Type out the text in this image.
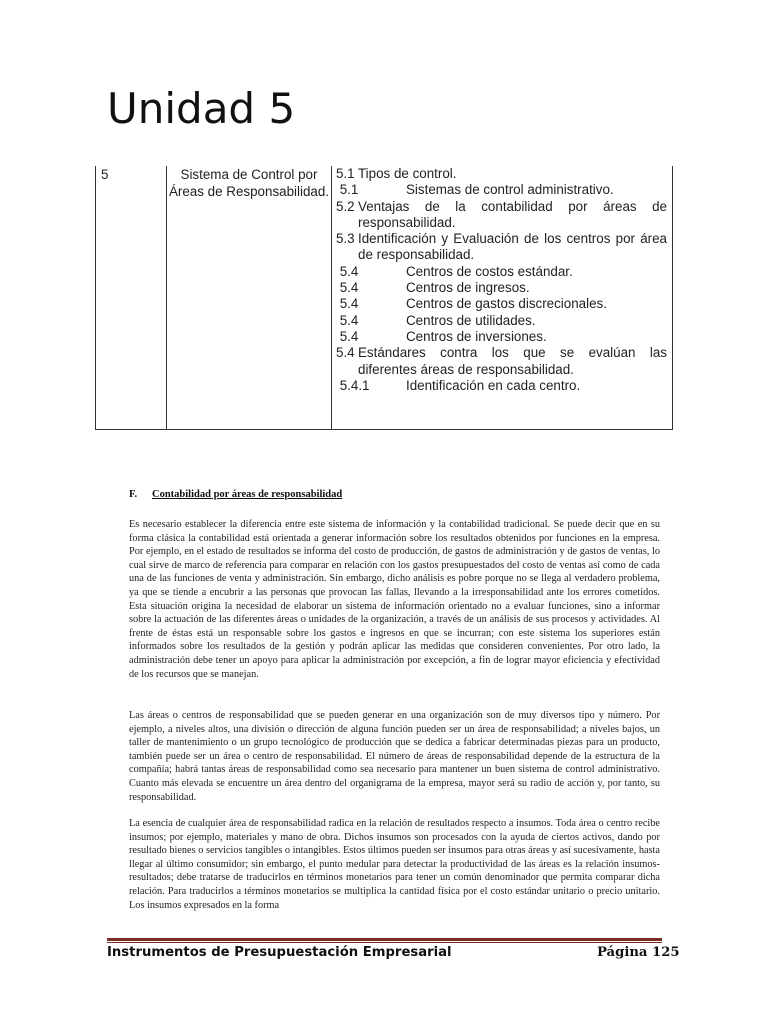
Unidad 5
5	Sistema de Control por Áreas de Responsabilidad.	
5.1 Tipos de control.
5.1	Sistemas de control administrativo.
5.2 Ventajas de la contabilidad por áreas de
responsabilidad.
5.3 Identificación y Evaluación de los centros por área
de responsabilidad.
5.4	Centros de costos estándar.
5.4	Centros de ingresos.
5.4	Centros de gastos discrecionales.
5.4	Centros de utilidades.
5.4	Centros de inversiones.
5.4 Estándares contra los que se evalúan las
diferentes áreas de responsabilidad.
5.4.1	Identificación en cada centro.
F. Contabilidad por áreas de responsabilidad

Es necesario establecer la diferencia entre este sistema de información y la contabilidad tradicional. Se puede decir que en su forma clásica la contabilidad está orientada a generar información sobre los resultados obtenidos por funciones en la empresa. Por ejemplo, en el estado de resultados se informa del costo de producción, de gastos de administración y de gastos de ventas, lo cual sirve de marco de referencia para comparar en relación con los gastos presupuestados del costo de ventas así como de cada una de las funciones de venta y administración. Sin embargo, dicho análisis es pobre porque no se llega al verdadero problema, ya que se tiende a encubrir a las personas que provocan las fallas, llevando a la irresponsabilidad ante los errores cometidos. Esta situación origina la necesidad de elaborar un sistema de información orientado no a evaluar funciones, sino a informar sobre la actuación de las diferentes áreas o unidades de la organización, a través de un análisis de sus procesos y actividades. Al frente de éstas está un responsable sobre los gastos e ingresos en que se incurran; con este sistema los superiores están informados sobre los resultados de la gestión y podrán aplicar las medidas que consideren convenientes. Por otro lado, la administración debe tener un apoyo para aplicar la administración por excepción, a fin de lograr mayor eficiencia y efectividad de los recursos que se manejan.

Las áreas o centros de responsabilidad que se pueden generar en una organización son de muy diversos tipo y número. Por ejemplo, a niveles altos, una división o dirección de alguna función pueden ser un área de responsabilidad; a niveles bajos, un taller de mantenimiento o un grupo tecnológico de producción que se dedica a fabricar determinadas piezas para un producto, también puede ser un área o centro de responsabilidad. El número de áreas de responsabilidad depende de la estructura de la compañía; habrá tantas áreas de responsabilidad como sea necesario para mantener un buen sistema de control administrativo. Cuanto más elevada se encuentre un área dentro del organigrama de la empresa, mayor será su radio de acción y, por tanto, su responsabilidad.

La esencia de cualquier área de responsabilidad radica en la relación de resultados respecto a insumos. Toda área o centro recibe insumos; por ejemplo, materiales y mano de obra. Dichos insumos son procesados con la ayuda de ciertos activos, dando por resultado bienes o servicios tangibles o intangibles. Estos últimos pueden ser insumos para otras áreas y así sucesivamente, hasta llegar al último consumidor; sin embargo, el punto medular para detectar la productividad de las áreas es la relación insumos-resultados; debe tratarse de traducirlos en términos monetarios para tener un común denominador que permita comparar dicha relación. Para traducirlos a términos monetarios se multiplica la cantidad física por el costo estándar unitario o precio unitario. Los insumos expresados en la forma

Instrumentos de Presupuestación Empresarial	Página 125
